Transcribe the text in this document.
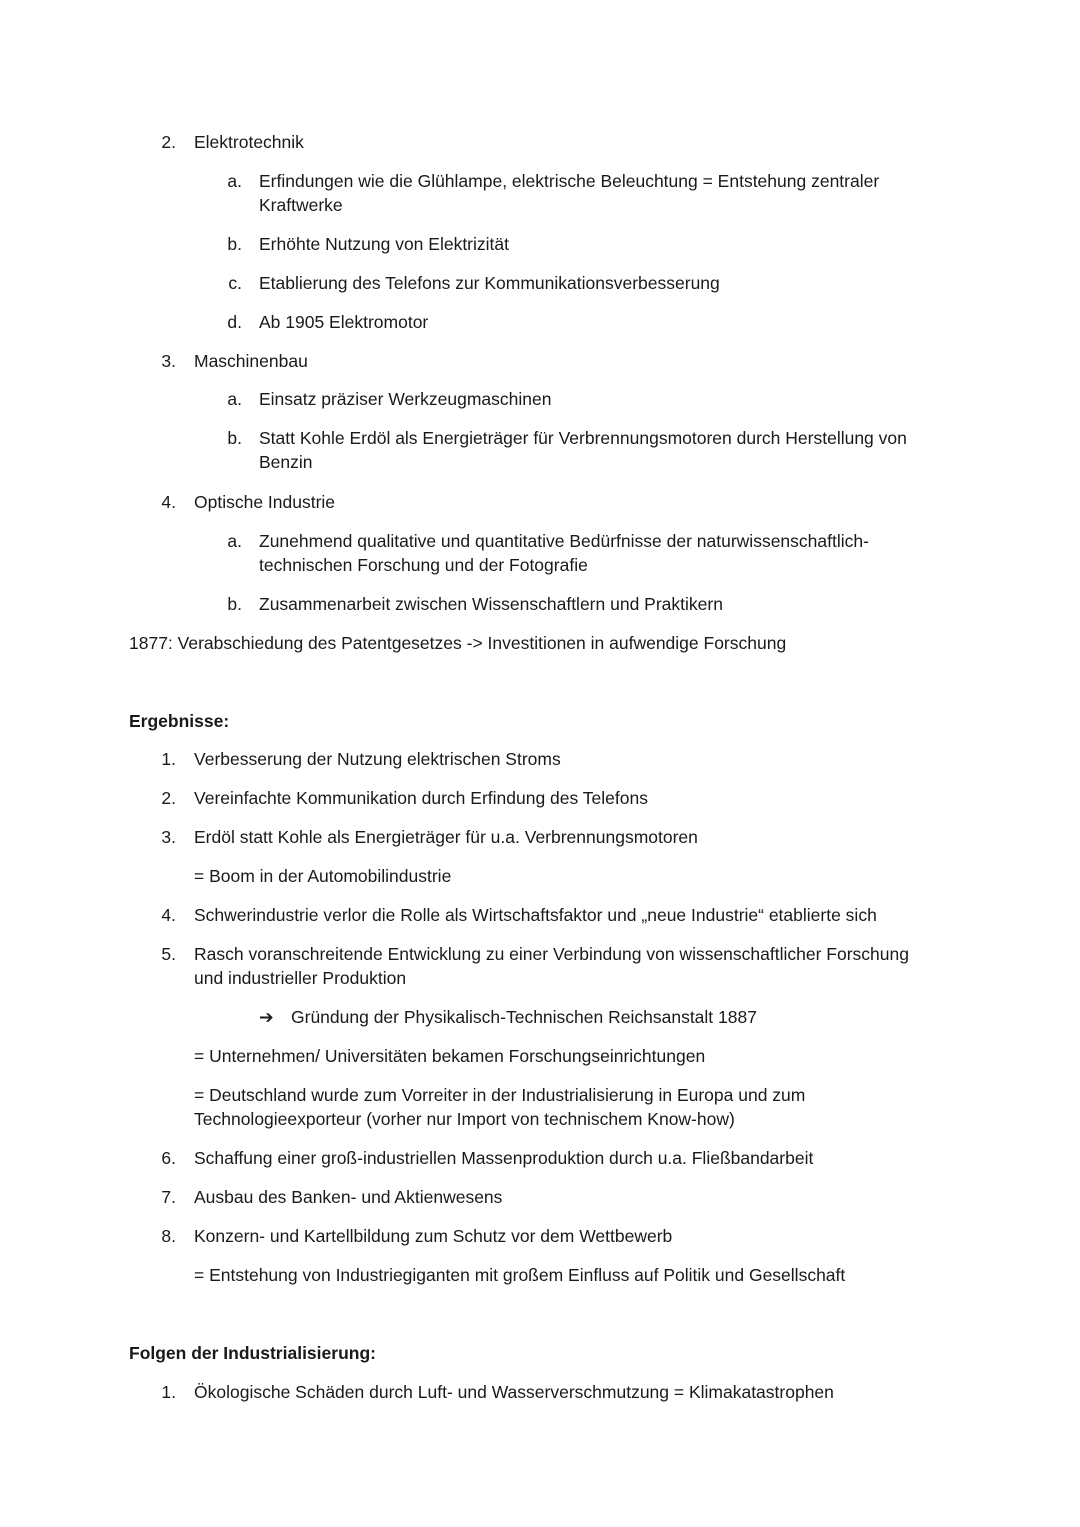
2. Elektrotechnik
a. Erfindungen wie die Glühlampe, elektrische Beleuchtung = Entstehung zentraler
Kraftwerke
b. Erhöhte Nutzung von Elektrizität
c. Etablierung des Telefons zur Kommunikationsverbesserung
d. Ab 1905 Elektromotor
3. Maschinenbau
a. Einsatz präziser Werkzeugmaschinen
b. Statt Kohle Erdöl als Energieträger für Verbrennungsmotoren durch Herstellung von
Benzin
4. Optische Industrie
a. Zunehmend qualitative und quantitative Bedürfnisse der naturwissenschaftlich-
technischen Forschung und der Fotografie
b. Zusammenarbeit zwischen Wissenschaftlern und Praktikern
1877: Verabschiedung des Patentgesetzes -> Investitionen in aufwendige Forschung
Ergebnisse:
1. Verbesserung der Nutzung elektrischen Stroms
2. Vereinfachte Kommunikation durch Erfindung des Telefons
3. Erdöl statt Kohle als Energieträger für u.a. Verbrennungsmotoren
= Boom in der Automobilindustrie
4. Schwerindustrie verlor die Rolle als Wirtschaftsfaktor und „neue Industrie“ etablierte sich
5. Rasch voranschreitende Entwicklung zu einer Verbindung von wissenschaftlicher Forschung
und industrieller Produktion
➔ Gründung der Physikalisch-Technischen Reichsanstalt 1887
= Unternehmen/ Universitäten bekamen Forschungseinrichtungen
= Deutschland wurde zum Vorreiter in der Industrialisierung in Europa und zum
Technologieexporteur (vorher nur Import von technischem Know-how)
6. Schaffung einer groß-industriellen Massenproduktion durch u.a. Fließbandarbeit
7. Ausbau des Banken- und Aktienwesens
8. Konzern- und Kartellbildung zum Schutz vor dem Wettbewerb
= Entstehung von Industriegiganten mit großem Einfluss auf Politik und Gesellschaft
Folgen der Industrialisierung:
1. Ökologische Schäden durch Luft- und Wasserverschmutzung = Klimakatastrophen
